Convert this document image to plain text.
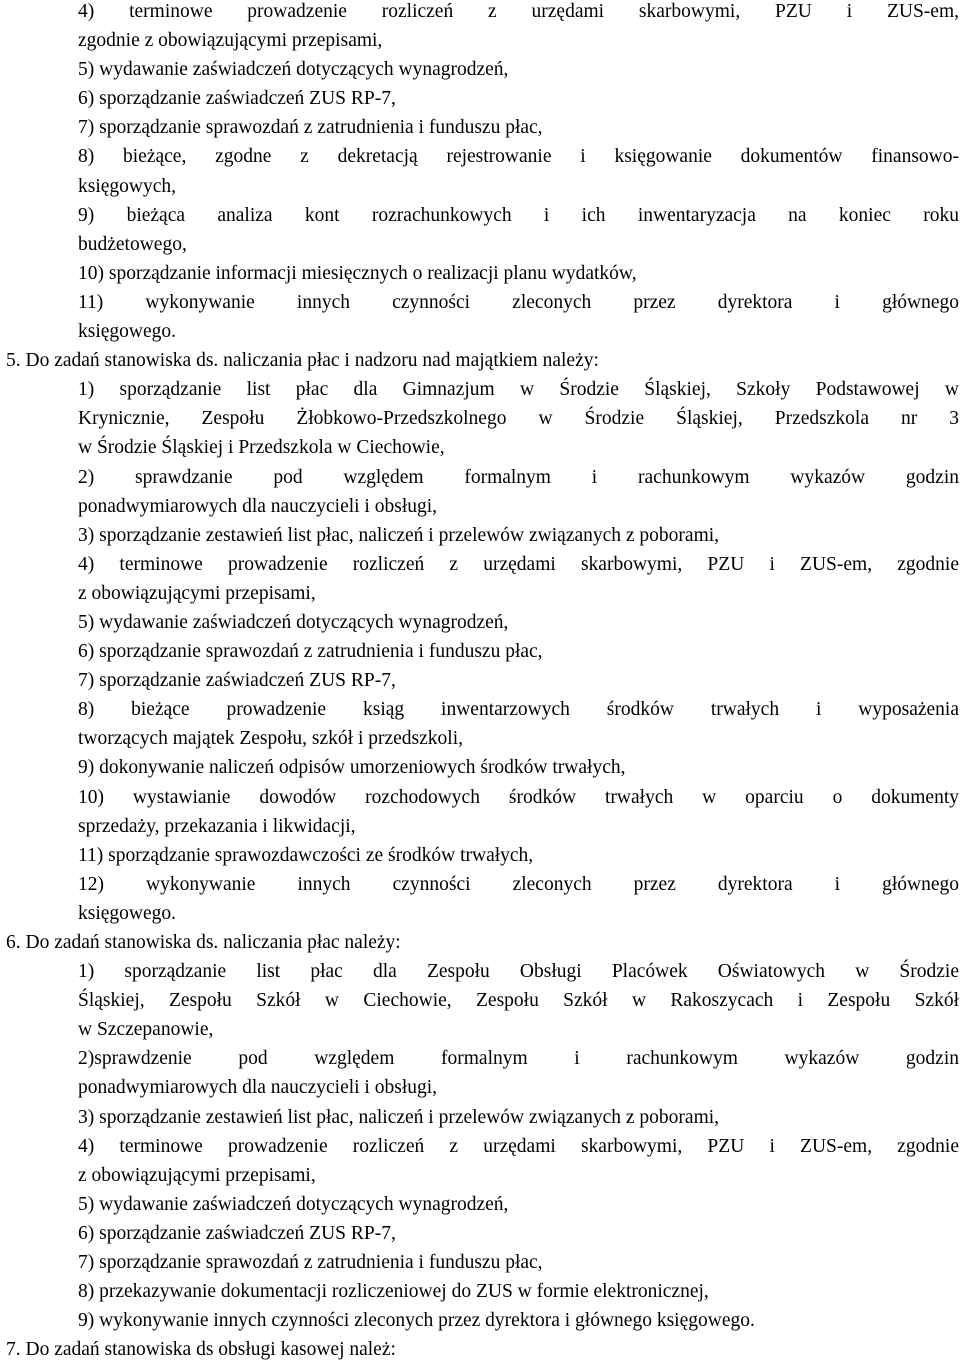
4) terminowe prowadzenie rozliczeń z urzędami skarbowymi, PZU i ZUS-em,
zgodnie z obowiązującymi przepisami,
5) wydawanie zaświadczeń dotyczących wynagrodzeń,
6) sporządzanie zaświadczeń ZUS RP-7,
7) sporządzanie sprawozdań z zatrudnienia i funduszu płac,
8) bieżące, zgodne z dekretacją rejestrowanie i księgowanie dokumentów finansowo-
księgowych,
9) bieżąca analiza kont rozrachunkowych i ich inwentaryzacja na koniec roku
budżetowego,
10) sporządzanie informacji miesięcznych o realizacji planu wydatków,
11) wykonywanie innych czynności zleconych przez dyrektora i głównego
księgowego.
5. Do zadań stanowiska ds. naliczania płac i nadzoru nad majątkiem należy:
1) sporządzanie list płac dla Gimnazjum w Środzie Śląskiej, Szkoły Podstawowej w
Krynicznie, Zespołu Żłobkowo-Przedszkolnego w Środzie Śląskiej, Przedszkola nr 3
w Środzie Śląskiej i Przedszkola w Ciechowie,
2) sprawdzanie pod względem formalnym i rachunkowym wykazów godzin
ponadwymiarowych dla nauczycieli i obsługi,
3) sporządzanie zestawień list płac, naliczeń i przelewów związanych z poborami,
4) terminowe prowadzenie rozliczeń z urzędami skarbowymi, PZU i ZUS-em, zgodnie
z obowiązującymi przepisami,
5) wydawanie zaświadczeń dotyczących wynagrodzeń,
6) sporządzanie sprawozdań z zatrudnienia i funduszu płac,
7) sporządzanie zaświadczeń ZUS RP-7,
8) bieżące prowadzenie ksiąg inwentarzowych środków trwałych i wyposażenia
tworzących majątek Zespołu, szkół i przedszkoli,
9) dokonywanie naliczeń odpisów umorzeniowych środków trwałych,
10) wystawianie dowodów rozchodowych środków trwałych w oparciu o dokumenty
sprzedaży, przekazania i likwidacji,
11) sporządzanie sprawozdawczości ze środków trwałych,
12) wykonywanie innych czynności zleconych przez dyrektora i głównego
księgowego.
6. Do zadań stanowiska ds. naliczania płac należy:
1) sporządzanie list płac dla Zespołu Obsługi Placówek Oświatowych w Środzie
Śląskiej, Zespołu Szkół w Ciechowie, Zespołu Szkół w Rakoszycach i Zespołu Szkół
w Szczepanowie,
2)sprawdzenie pod względem formalnym i rachunkowym wykazów godzin
ponadwymiarowych dla nauczycieli i obsługi,
3) sporządzanie zestawień list płac, naliczeń i przelewów związanych z poborami,
4) terminowe prowadzenie rozliczeń z urzędami skarbowymi, PZU i ZUS-em, zgodnie
z obowiązującymi przepisami,
5) wydawanie zaświadczeń dotyczących wynagrodzeń,
6) sporządzanie zaświadczeń ZUS RP-7,
7) sporządzanie sprawozdań z zatrudnienia i funduszu płac,
8) przekazywanie dokumentacji rozliczeniowej do ZUS w formie elektronicznej,
9) wykonywanie innych czynności zleconych przez dyrektora i głównego księgowego.
7. Do zadań stanowiska ds obsługi kasowej należ:
